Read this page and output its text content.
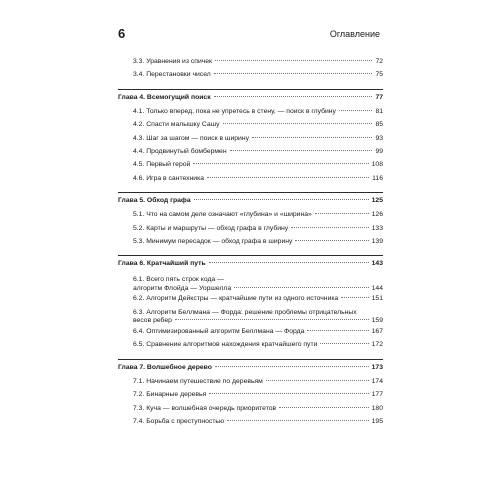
6	Оглавление
3.3. Уравнения из спичек	72
3.4. Перестановки чисел	75
Глава 4. Всемогущий поиск	77
4.1. Только вперед, пока не упретесь в стену, — поиск в глубину	81
4.2. Спасти малышку Сашу	85
4.3. Шаг за шагом — поиск в ширину	93
4.4. Продвинутый бомбермен	99
4.5. Первый герой	108
4.6. Игра в сантехника	116
Глава 5. Обход графа	125
5.1. Что на самом деле означают «глубина» и «ширина»	126
5.2. Карты и маршруты — обход графа в глубину	133
5.3. Минимум пересадок — обход графа в ширину	139
Глава 6. Кратчайший путь	143
6.1. Всего пять строк кода —
алгоритм Флойда — Уоршелла	144
6.2. Алгоритм Дейкстры — кратчайшие пути из одного источника	151
6.3. Алгоритм Беллмана — Форда: решение проблемы отрицательных
весов ребер	159
6.4. Оптимизированный алгоритм Беллмана — Форда	167
6.5. Сравнение алгоритмов нахождения кратчайшего пути	172
Глава 7. Волшебное дерево	173
7.1. Начинаем путешествие по деревьям	174
7.2. Бинарные деревья	177
7.3. Куча — волшебная очередь приоритетов	180
7.4. Борьба с преступностью	195
